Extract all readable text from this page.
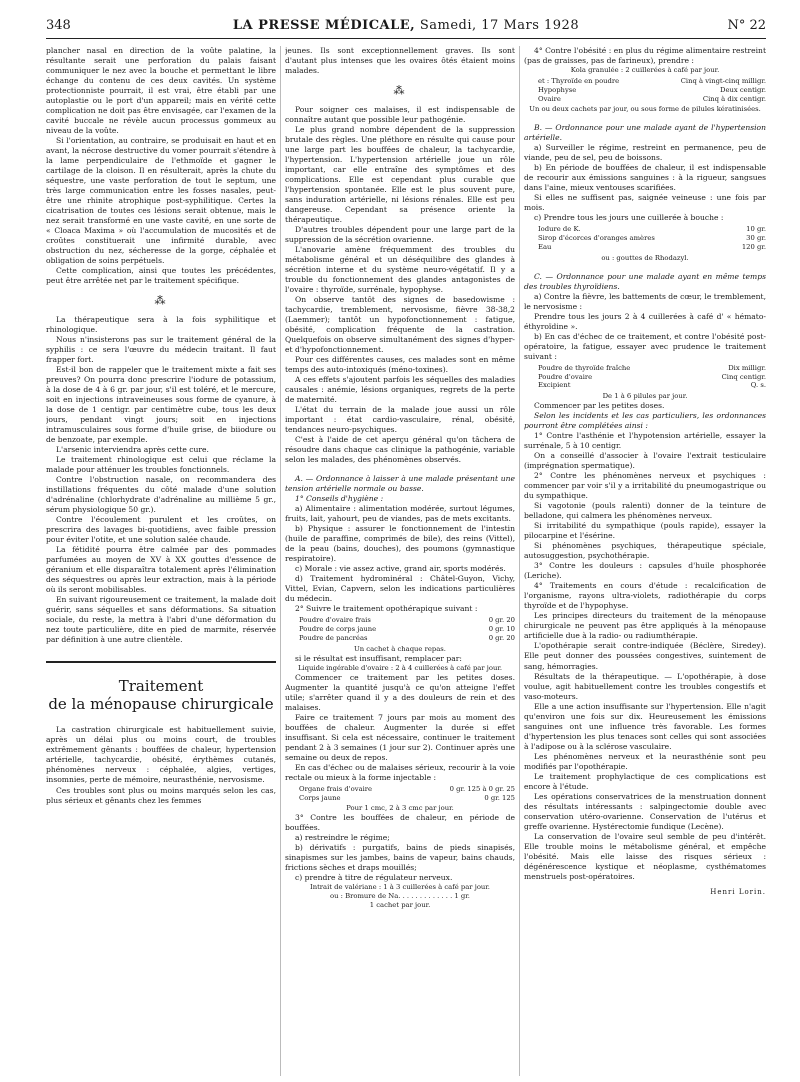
348	LA PRESSE MÉDICALE, Samedi, 17 Mars 1928	N° 22

plancher nasal en direction de la voûte palatine, la résultante serait une perforation du palais faisant communiquer le nez avec la bouche et permettant le libre échange du contenu de ces deux cavités. Un système protectionniste pourrait, il est vrai, être établi par une autoplastie ou le port d'un appareil; mais en vérité cette complication ne doit pas être envisagée, car l'examen de la cavité buccale ne révèle aucun processus gommeux au niveau de la voûte.

Si l'orientation, au contraire, se produisait en haut et en avant, la nécrose destructive du vomer pourrait s'étendre à la lame perpendiculaire de l'ethmoïde et gagner le cartilage de la cloison. Il en résulterait, après la chute du séquestre, une vaste perforation de tout le septum, une très large communication entre les fosses nasales, peut-être une rhinite atrophique post-syphilitique. Certes la cicatrisation de toutes ces lésions serait obtenue, mais le nez serait transformé en une vaste cavité, en une sorte de « Cloaca Maxima » où l'accumulation de mucosités et de croûtes constituerait une infirmité durable, avec obstruction du nez, sécheresse de la gorge, céphalée et obligation de soins perpétuels.

Cette complication, ainsi que toutes les précédentes, peut être arrêtée net par le traitement spécifique.

⁂

La thérapeutique sera à la fois syphilitique et rhinologique.

Nous n'insisterons pas sur le traitement général de la syphilis : ce sera l'œuvre du médecin traitant. Il faut frapper fort.

Est-il bon de rappeler que le traitement mixte a fait ses preuves? On pourra donc prescrire l'iodure de potassium, à la dose de 4 à 6 gr. par jour, s'il est toléré, et le mercure, soit en injections intraveineuses sous forme de cyanure, à la dose de 1 centigr. par centimètre cube, tous les deux jours, pendant vingt jours; soit en injections intramusculaires sous forme d'huile grise, de biiodure ou de benzoate, par exemple.

L'arsenic interviendra après cette cure.

Le traitement rhinologique est celui que réclame la malade pour atténuer les troubles fonctionnels.

Contre l'obstruction nasale, on recommandera des instillations fréquentes du côté malade d'une solution d'adrénaline (chlorhydrate d'adrénaline au millième 5 gr., sérum physiologique 50 gr.).

Contre l'écoulement purulent et les croûtes, on prescrira des lavages bi-quotidiens, avec faible pression pour éviter l'otite, et une solution salée chaude.

La fétidité pourra être calmée par des pommades parfumées au moyen de XV à XX gouttes d'essence de géranium et elle disparaîtra totalement après l'élimination des séquestres ou après leur extraction, mais à la période où ils seront mobilisables.

En suivant rigoureusement ce traitement, la malade doit guérir, sans séquelles et sans déformations. Sa situation sociale, du reste, la mettra à l'abri d'une déformation du nez toute particulière, dite en pied de marmite, réservée par définition à une autre clientèle.

Traitement
de la ménopause chirurgicale

La castration chirurgicale est habituellement suivie, après un délai plus ou moins court, de troubles extrêmement gênants : bouffées de chaleur, hypertension artérielle, tachycardie, obésité, érythèmes cutanés, phénomènes nerveux : céphalée, algies, vertiges, insomnies, perte de mémoire, neurasthénie, nervosisme.

Ces troubles sont plus ou moins marqués selon les cas, plus sérieux et gênants chez les femmes

jeunes. Ils sont exceptionnellement graves. Ils sont d'autant plus intenses que les ovaires ôtés étaient moins malades.

⁂

Pour soigner ces malaises, il est indispensable de connaître autant que possible leur pathogénie.

Le plus grand nombre dépendent de la suppression brutale des règles. Une pléthore en résulte qui cause pour une large part les bouffées de chaleur, la tachycardie, l'hypertension. L'hypertension artérielle joue un rôle important, car elle entraîne des symptômes et des complications. Elle est cependant plus curable que l'hypertension spontanée. Elle est le plus souvent pure, sans induration artérielle, ni lésions rénales. Elle est peu dangereuse. Cependant sa présence oriente la thérapeutique.

D'autres troubles dépendent pour une large part de la suppression de la sécrétion ovarienne.

L'anovarie amène fréquemment des troubles du métabolisme général et un déséquilibre des glandes à sécrétion interne et du système neuro-végétatif. Il y a trouble du fonctionnement des glandes antagonistes de l'ovaire : thyroïde, surrénale, hypophyse.

On observe tantôt des signes de basedowisme : tachycardie, tremblement, nervosisme, fièvre 38-38,2 (Laemmer); tantôt un hypofonctionnement : fatigue, obésité, complication fréquente de la castration. Quelquefois on observe simultanément des signes d'hyper- et d'hypofonctionnement.

Pour ces différentes causes, ces malades sont en même temps des auto-intoxiqués (méno-toxines).

A ces effets s'ajoutent parfois les séquelles des maladies causales : anémie, lésions organiques, regrets de la perte de maternité.

L'état du terrain de la malade joue aussi un rôle important : état cardio-vasculaire, rénal, obésité, tendances neuro-psychiques.

C'est à l'aide de cet aperçu général qu'on tâchera de résoudre dans chaque cas clinique la pathogénie, variable selon les malades, des phénomènes observés.

A. — Ordonnance à laisser à une malade présentant une tension artérielle normale ou basse.

1° Conseils d'hygiène :

a) Alimentaire : alimentation modérée, surtout légumes, fruits, lait, yahourt, peu de viandes, pas de mets excitants.

b) Physique : assurer le fonctionnement de l'intestin (huile de paraffine, comprimés de bile), des reins (Vittel), de la peau (bains, douches), des poumons (gymnastique respiratoire).

c) Morale : vie assez active, grand air, sports modérés.

d) Traitement hydrominéral : Châtel-Guyon, Vichy, Vittel, Evian, Capvern, selon les indications particulières du médecin.

2° Suivre le traitement opothérapique suivant :

Poudre d'ovaire frais	0 gr. 20
Poudre de corps jaune	0 gr. 10
Poudre de pancréas	0 gr. 20

Un cachet à chaque repas.

si le résultat est insuffisant, remplacer par:

Liquide ingérable d'ovaire : 2 à 4 cuillerées à café par jour.

Commencer ce traitement par les petites doses. Augmenter la quantité jusqu'à ce qu'on atteigne l'effet utile; s'arrêter quand il y a des douleurs de rein et des malaises.

Faire ce traitement 7 jours par mois au moment des bouffées de chaleur. Augmenter la durée si effet insuffisant. Si cela est nécessaire, continuer le traitement pendant 2 à 3 semaines (1 jour sur 2). Continuer après une semaine ou deux de repos.

En cas d'échec ou de malaises sérieux, recourir à la voie rectale ou mieux à la forme injectable :

Organe frais d'ovaire	0 gr. 125 à 0 gr. 25
Corps jaune	0 gr. 125

Pour 1 cmc, 2 à 3 cmc par jour.

3° Contre les bouffées de chaleur, en période de bouffées.

a) restreindre le régime;

b) dérivatifs : purgatifs, bains de pieds sinapisés, sinapismes sur les jambes, bains de vapeur, bains chauds, frictions sèches et draps mouillés;

c) prendre à titre de régulateur nerveux.

Intrait de valériane : 1 à 3 cuillerées à café par jour.

ou : Bromure de Na. . . . . . . . . . . . . 1 gr.

1 cachet par jour.

4° Contre l'obésité : en plus du régime alimentaire restreint (pas de graisses, pas de farineux), prendre :

Kola granulée : 2 cuillerées à café par jour.

et : Thyroïde en poudre	Cinq à vingt-cinq milligr.
Hypophyse	Deux centigr.
Ovaire	Cinq à dix centigr.

Un ou deux cachets par jour, ou sous forme de pilules kératinisées.

B. — Ordonnance pour une malade ayant de l'hypertension artérielle.

a) Surveiller le régime, restreint en permanence, peu de viande, peu de sel, peu de boissons.

b) En période de bouffées de chaleur, il est indispensable de recourir aux émissions sanguines : à la rigueur, sangsues dans l'aine, mieux ventouses scarifiées.

Si elles ne suffisent pas, saignée veineuse : une fois par mois.

c) Prendre tous les jours une cuillerée à bouche :

Iodure de K.	10 gr.
Sirop d'écorces d'oranges amères	30 gr.
Eau	120 gr.

ou : gouttes de Rhodazyl.

C. — Ordonnance pour une malade ayant en même temps des troubles thyroïdiens.

a) Contre la fièvre, les battements de cœur, le tremblement, le nervosisme :

Prendre tous les jours 2 à 4 cuillerées à café d' « hémato-éthyroïdine ».

b) En cas d'échec de ce traitement, et contre l'obésité post-opératoire, la fatigue, essayer avec prudence le traitement suivant :

Poudre de thyroïde fraîche	Dix milligr.
Poudre d'ovaire	Cinq centigr.
Excipient	Q. s.

De 1 à 6 pilules par jour.

Commencer par les petites doses.

Selon les incidents et les cas particuliers, les ordonnances pourront être complétées ainsi :

1° Contre l'asthénie et l'hypotension artérielle, essayer la surrénale, 5 à 10 centigr.

On a conseillé d'associer à l'ovaire l'extrait testiculaire (imprégnation spermatique).

2° Contre les phénomènes nerveux et psychiques : commencer par voir s'il y a irritabilité du pneumogastrique ou du sympathique.

Si vagotonie (pouls ralenti) donner de la teinture de belladone, qui calmera les phénomènes nerveux.

Si irritabilité du sympathique (pouls rapide), essayer la pilocarpine et l'ésérine.

Si phénomènes psychiques, thérapeutique spéciale, autosuggestion, psychothérapie.

3° Contre les douleurs : capsules d'huile phosphorée (Leriche).

4° Traitements en cours d'étude : recalcification de l'organisme, rayons ultra-violets, radiothérapie du corps thyroïde et de l'hypophyse.

Les principes directeurs du traitement de la ménopause chirurgicale ne peuvent pas être appliqués à la ménopause artificielle due à la radio- ou radiumthérapie.

L'opothérapie serait contre-indiquée (Béclère, Siredey). Elle peut donner des poussées congestives, suintement de sang, hémorragies.

Résultats de la thérapeutique. — L'opothérapie, à dose voulue, agit habituellement contre les troubles congestifs et vaso-moteurs.

Elle a une action insuffisante sur l'hypertension. Elle n'agit qu'environ une fois sur dix. Heureusement les émissions sanguines ont une influence très favorable. Les formes d'hypertension les plus tenaces sont celles qui sont associées à l'adipose ou à la sclérose vasculaire.

Les phénomènes nerveux et la neurasthénie sont peu modifiés par l'opothérapie.

Le traitement prophylactique de ces complications est encore à l'étude.

Les opérations conservatrices de la menstruation donnent des résultats intéressants : salpingectomie double avec conservation utéro-ovarienne. Conservation de l'utérus et greffe ovarienne. Hystérectomie fundique (Lecène).

La conservation de l'ovaire seul semble de peu d'intérêt. Elle trouble moins le métabolisme général, et empêche l'obésité. Mais elle laisse des risques sérieux : dégénérescence kystique et néoplasme, cysthématomes menstruels post-opératoires.

Henri Lorin.
